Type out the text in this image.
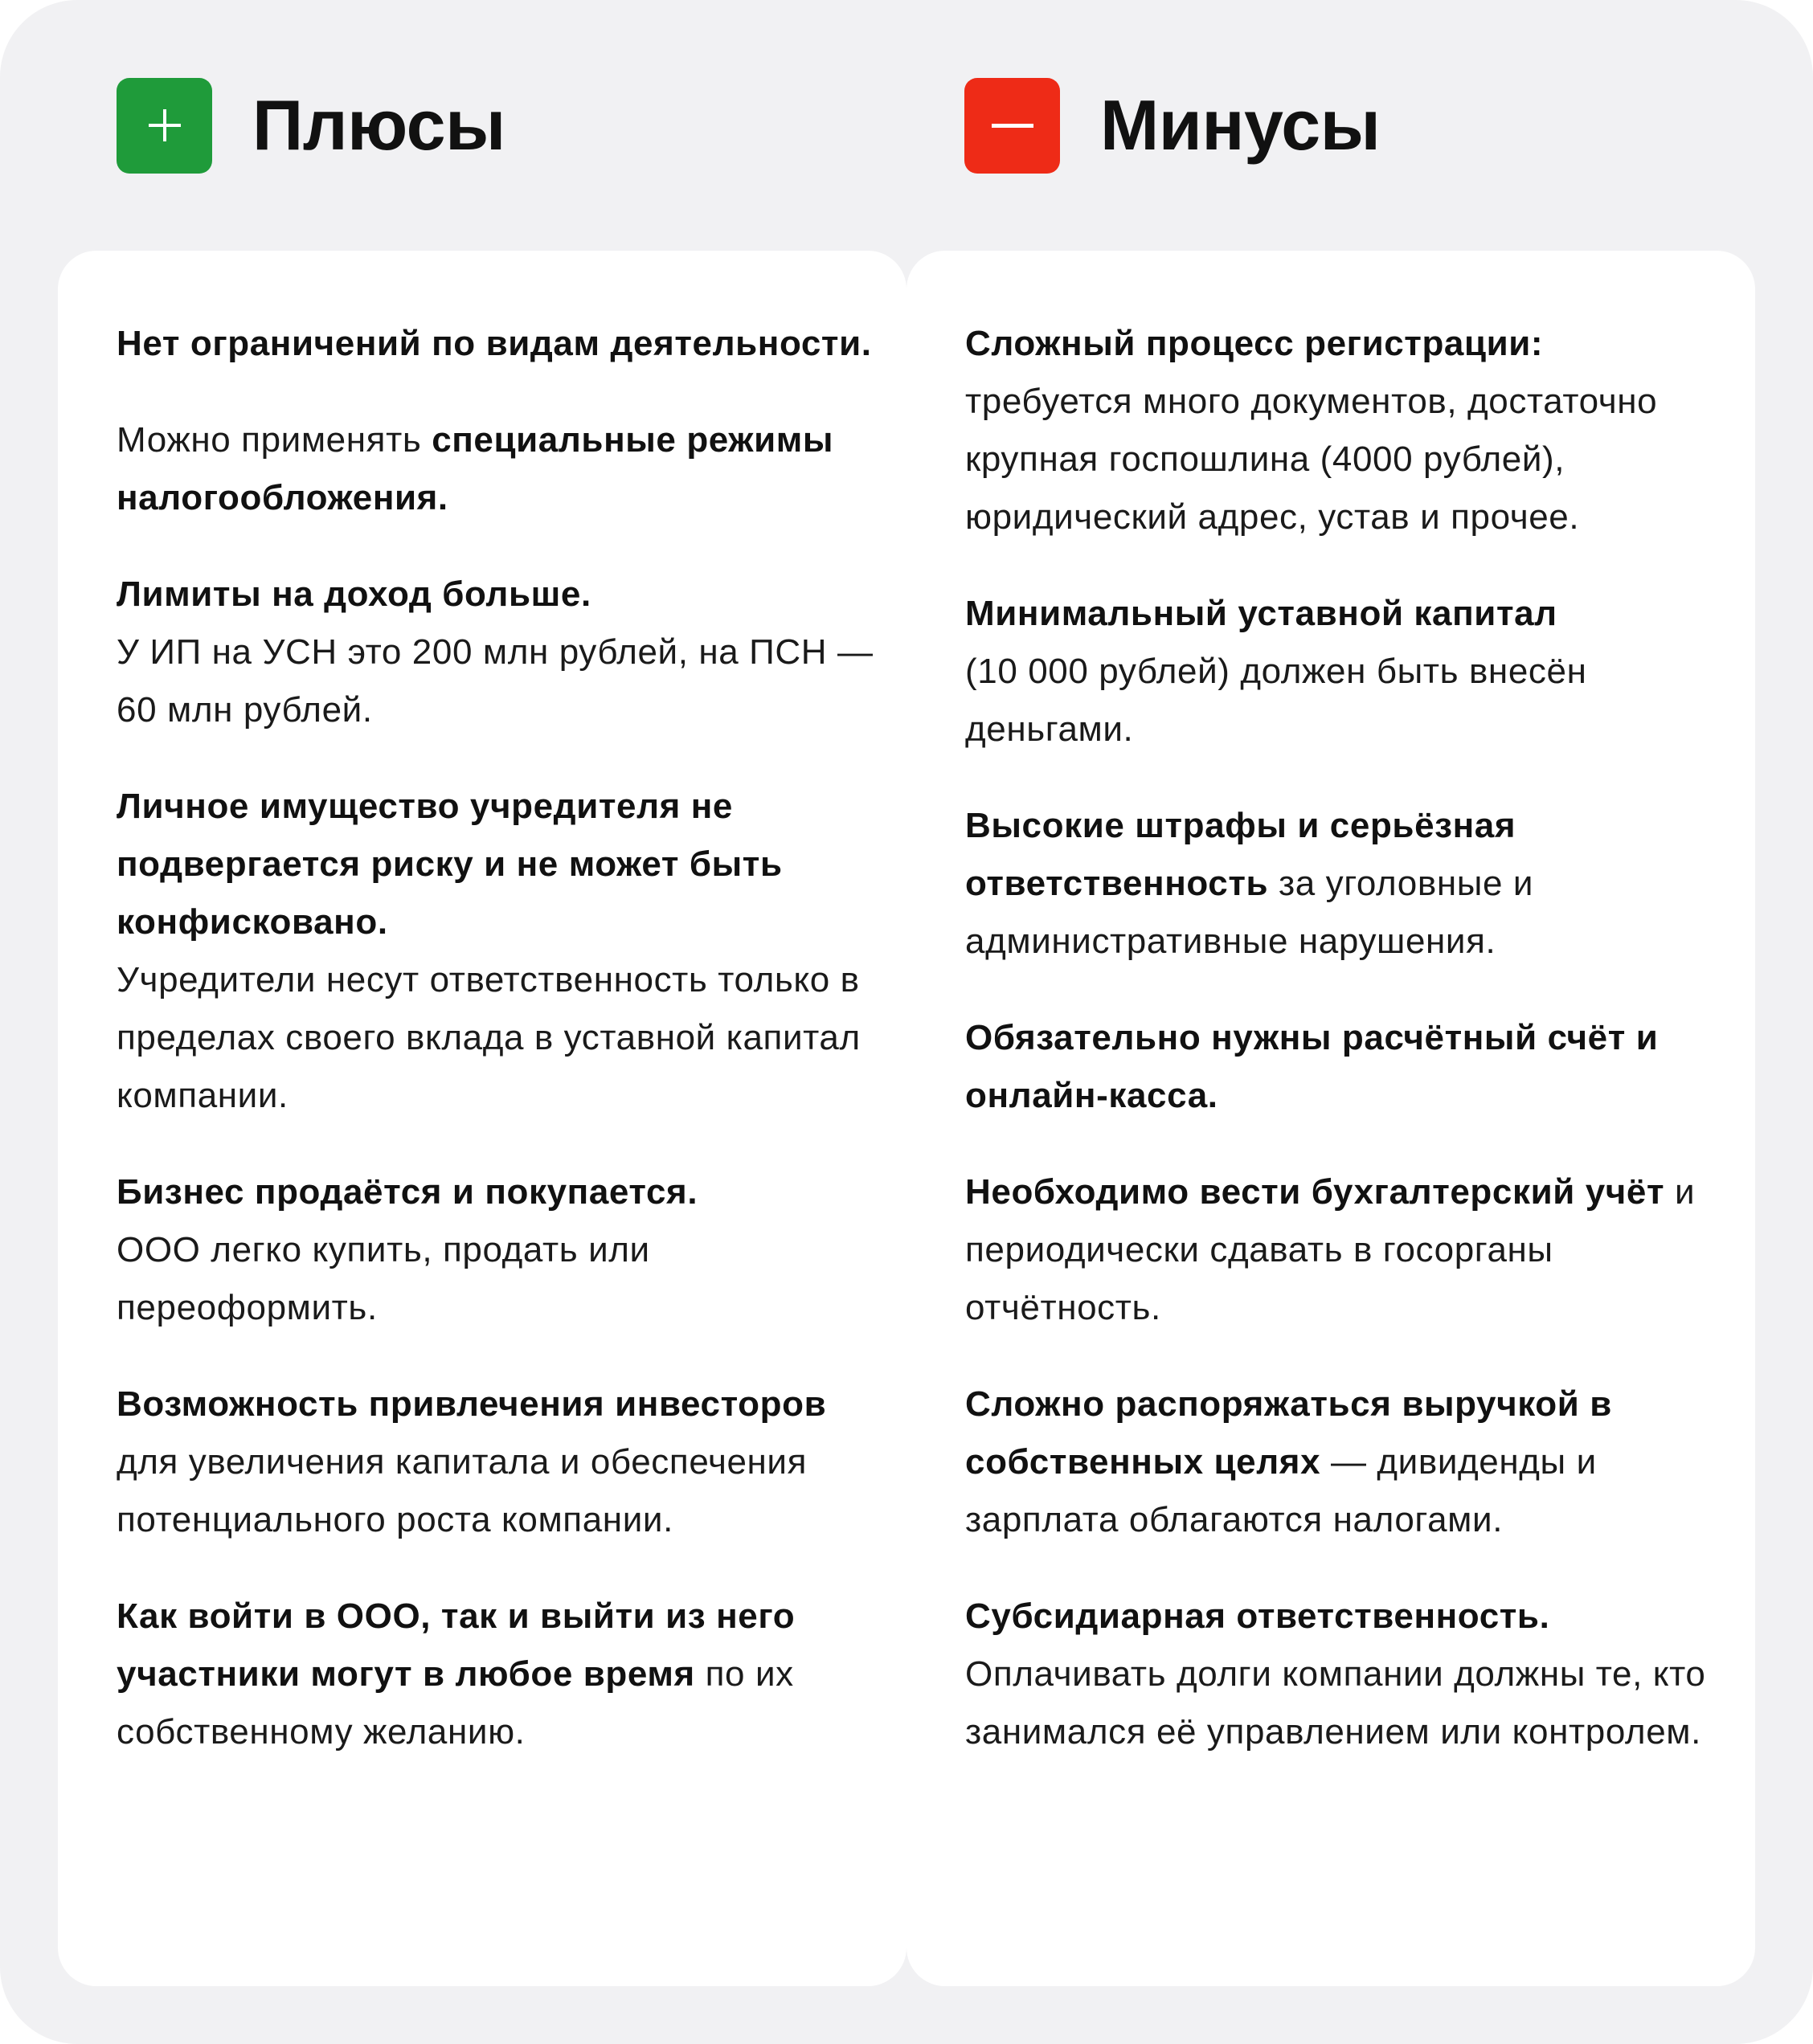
Плюсы	Минусы

Нет ограничений по видам деятельности.

Можно применять специальные режимы налогообложения.

Лимиты на доход больше.
У ИП на УСН это 200 млн рублей, на ПСН — 60 млн рублей.

Личное имущество учредителя не подвергается риску и не может быть конфисковано.
Учредители несут ответственность только в пределах своего вклада в уставной капитал компании.

Бизнес продаётся и покупается.
ООО легко купить, продать или переоформить.

Возможность привлечения инвесторов для увеличения капитала и обеспечения потенциального роста компании.

Как войти в ООО, так и выйти из него участники могут в любое время по их собственному желанию.

Сложный процесс регистрации:
требуется много документов, достаточно крупная госпошлина (4000 рублей), юридический адрес, устав и прочее.

Минимальный уставной капитал
(10 000 рублей) должен быть внесён деньгами.

Высокие штрафы и серьёзная ответственность за уголовные и административные нарушения.

Обязательно нужны расчётный счёт и онлайн-касса.

Необходимо вести бухгалтерский учёт и периодически сдавать в госорганы отчётность.

Сложно распоряжаться выручкой в собственных целях — дивиденды и зарплата облагаются налогами.

Субсидиарная ответственность.
Оплачивать долги компании должны те, кто занимался её управлением или контролем.
